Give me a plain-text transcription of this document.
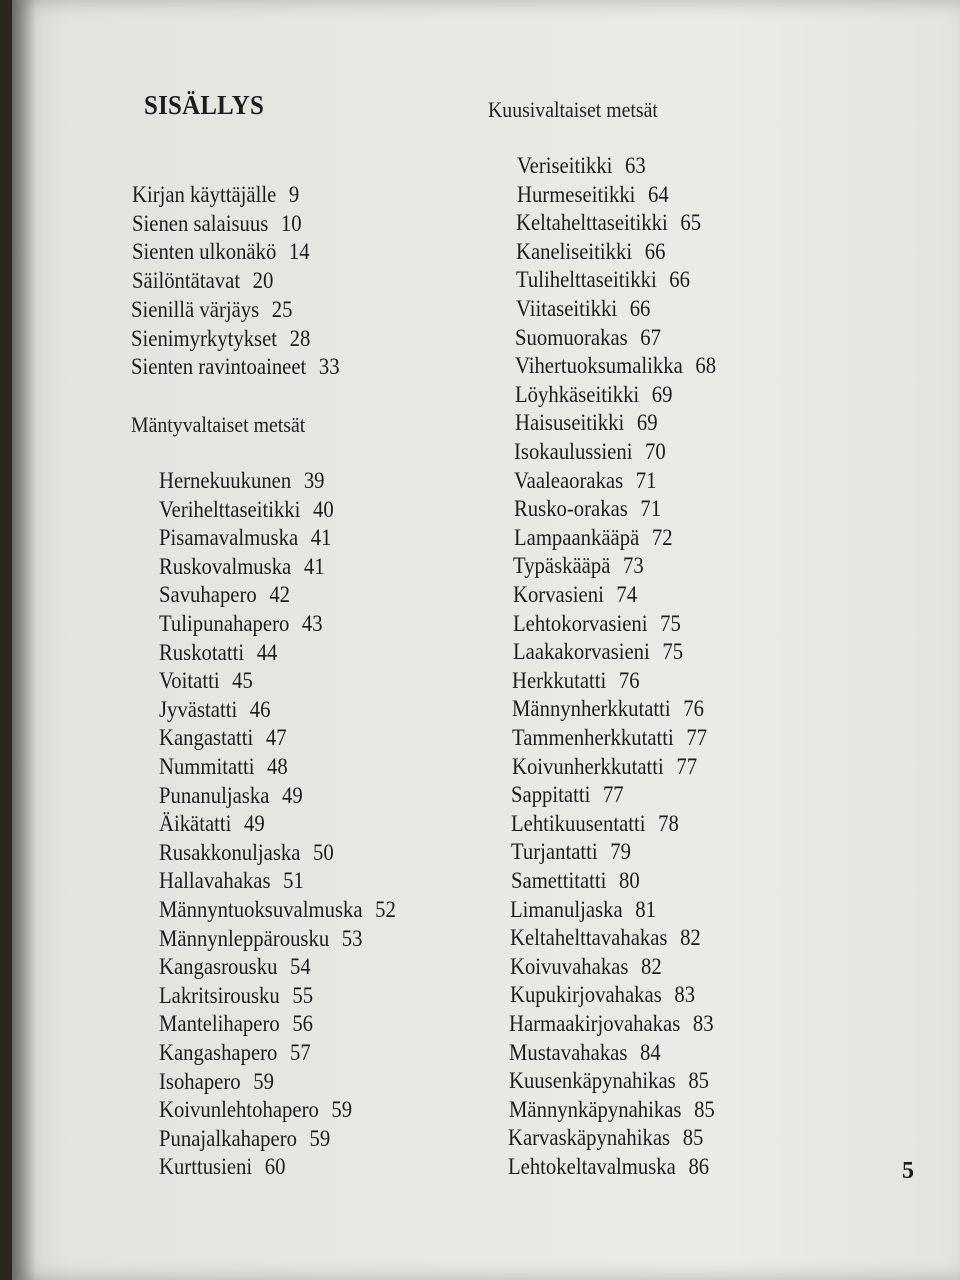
SISÄLLYS
Kirjan käyttäjälle 9
Sienen salaisuus 10
Sienten ulkonäkö 14
Säilöntätavat 20
Sienillä värjäys 25
Sienimyrkytykset 28
Sienten ravintoaineet 33
Mäntyvaltaiset metsät
Hernekuukunen 39
Verihelttaseitikki 40
Pisamavalmuska 41
Ruskovalmuska 41
Savuhapero 42
Tulipunahapero 43
Ruskotatti 44
Voitatti 45
Jyvästatti 46
Kangastatti 47
Nummitatti 48
Punanuljaska 49
Äikätatti 49
Rusakkonuljaska 50
Hallavahakas 51
Männyntuoksuvalmuska 52
Männynleppärousku 53
Kangasrousku 54
Lakritsirousku 55
Mantelihapero 56
Kangashapero 57
Isohapero 59
Koivunlehtohapero 59
Punajalkahapero 59
Kurttusieni 60
Kuusivaltaiset metsät
Veriseitikki 63
Hurmeseitikki 64
Keltahelttaseitikki 65
Kaneliseitikki 66
Tulihelttaseitikki 66
Viitaseitikki 66
Suomuorakas 67
Vihertuoksumalikka 68
Löyhkäseitikki 69
Haisuseitikki 69
Isokaulussieni 70
Vaaleaorakas 71
Rusko-orakas 71
Lampaankääpä 72
Typäskääpä 73
Korvasieni 74
Lehtokorvasieni 75
Laakakorvasieni 75
Herkkutatti 76
Männynherkkutatti 76
Tammenherkkutatti 77
Koivunherkkutatti 77
Sappitatti 77
Lehtikuusentatti 78
Turjantatti 79
Samettitatti 80
Limanuljaska 81
Keltahelttavahakas 82
Koivuvahakas 82
Kupukirjovahakas 83
Harmaakirjovahakas 83
Mustavahakas 84
Kuusenkäpynahikas 85
Männynkäpynahikas 85
Karvaskäpynahikas 85
Lehtokeltavalmuska 86	5
